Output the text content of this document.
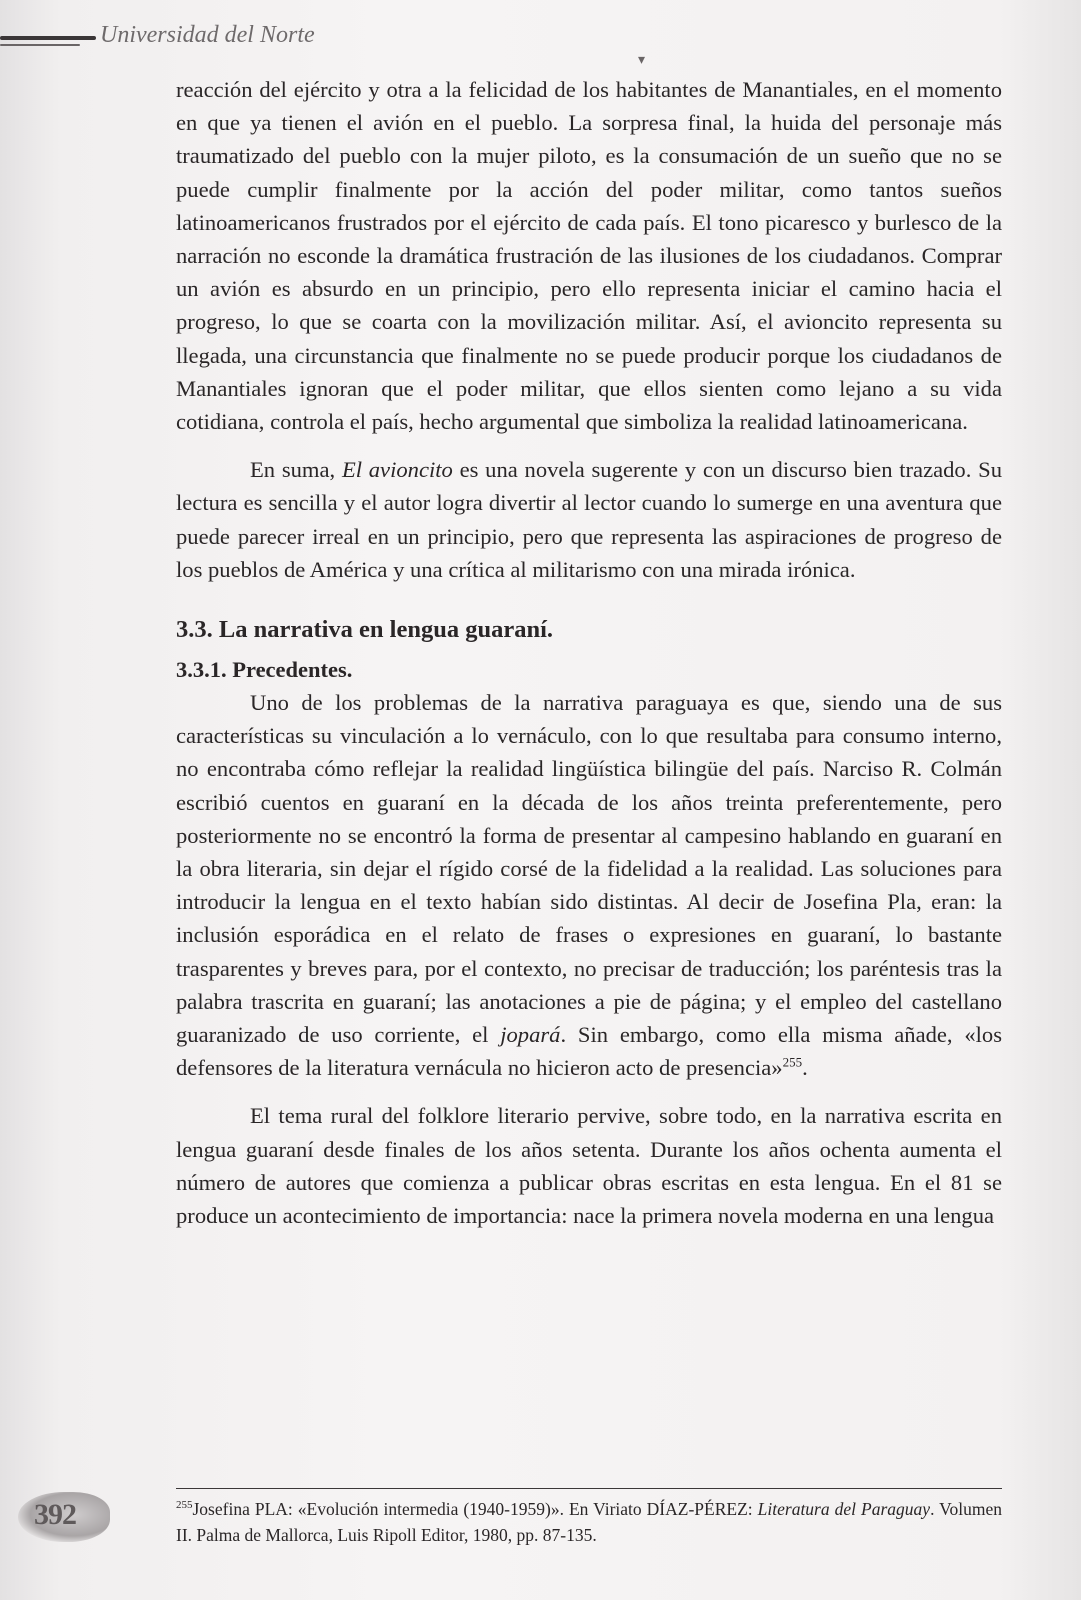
Universidad del Norte
▾

reacción del ejército y otra a la felicidad de los habitantes de Manantiales, en el momento en que ya tienen el avión en el pueblo. La sorpresa final, la huida del personaje más traumatizado del pueblo con la mujer piloto, es la consumación de un sueño que no se puede cumplir finalmente por la acción del poder militar, como tantos sueños latinoamericanos frustrados por el ejército de cada país. El tono picaresco y burlesco de la narración no esconde la dramática frustración de las ilusiones de los ciudadanos. Comprar un avión es absurdo en un principio, pero ello representa iniciar el camino hacia el progreso, lo que se coarta con la movilización militar. Así, el avioncito representa su llegada, una circunstancia que finalmente no se puede producir porque los ciudadanos de Manantiales ignoran que el poder militar, que ellos sienten como lejano a su vida cotidiana, controla el país, hecho argumental que simboliza la realidad latinoamericana.

En suma, El avioncito es una novela sugerente y con un discurso bien trazado. Su lectura es sencilla y el autor logra divertir al lector cuando lo sumerge en una aventura que puede parecer irreal en un principio, pero que representa las aspiraciones de progreso de los pueblos de América y una crítica al militarismo con una mirada irónica.

3.3. La narrativa en lengua guaraní.
3.3.1. Precedentes.

Uno de los problemas de la narrativa paraguaya es que, siendo una de sus características su vinculación a lo vernáculo, con lo que resultaba para consumo interno, no encontraba cómo reflejar la realidad lingüística bilingüe del país. Narciso R. Colmán escribió cuentos en guaraní en la década de los años treinta preferentemente, pero posteriormente no se encontró la forma de presentar al campesino hablando en guaraní en la obra literaria, sin dejar el rígido corsé de la fidelidad a la realidad. Las soluciones para introducir la lengua en el texto habían sido distintas. Al decir de Josefina Pla, eran: la inclusión esporádica en el relato de frases o expresiones en guaraní, lo bastante trasparentes y breves para, por el contexto, no precisar de traducción; los paréntesis tras la palabra trascrita en guaraní; las anotaciones a pie de página; y el empleo del castellano guaranizado de uso corriente, el jopará. Sin embargo, como ella misma añade, «los defensores de la literatura vernácula no hicieron acto de presencia»$^{255}$.

El tema rural del folklore literario pervive, sobre todo, en la narrativa escrita en lengua guaraní desde finales de los años setenta. Durante los años ochenta aumenta el número de autores que comienza a publicar obras escritas en esta lengua. En el 81 se produce un acontecimiento de importancia: nace la primera novela moderna en una lengua

$^{255}$Josefina PLA: «Evolución intermedia (1940-1959)». En Viriato DÍAZ-PÉREZ: Literatura del Paraguay. Volumen II. Palma de Mallorca, Luis Ripoll Editor, 1980, pp. 87-135.
392
